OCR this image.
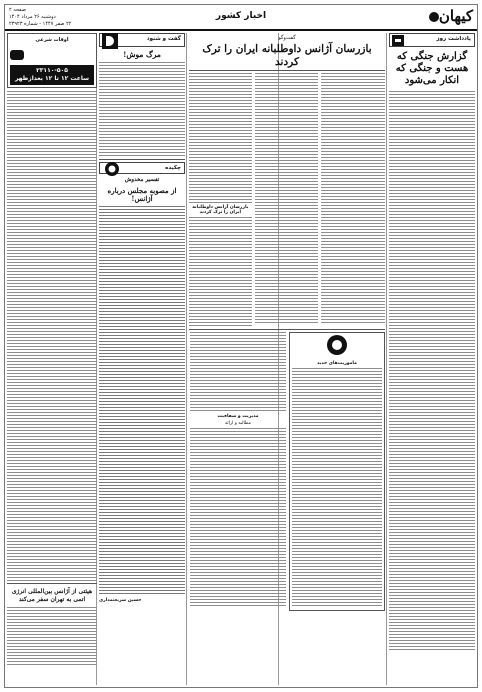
کیهان
اخبار کشور
صفحه ۲
دوشنبه ۲۶ مرداد ۱۴۰۴
۲۲ صفر ۱۴۴۷ - شماره ۲۳۹۲۳
یادداشت روز
گزارش جنگی که هست و جنگی که انکار می‌شود
گفت‌وگو
بازرسان آژانس داوطلبانه ایران را ترک کردند
بازرسان آژانس داوطلبانه ایران را ترک کردند
ماموریت‌های جدید
مدیریت و شفافیت
مطالبه و ارائه
گفت و شنود
مرگ موش!
چکیده
تفسیر مخدوش
از مصوبه مجلس درباره آژانس!
حسین شریعتمداری
اوقات شرعی
۲۳۱۱۰-۵۰۵
ساعت ۱۲ تا ۱۲ بعدازظهر
هیئتی از آژانس بین‌المللی انرژی اتمی به تهران سفر می‌کند
